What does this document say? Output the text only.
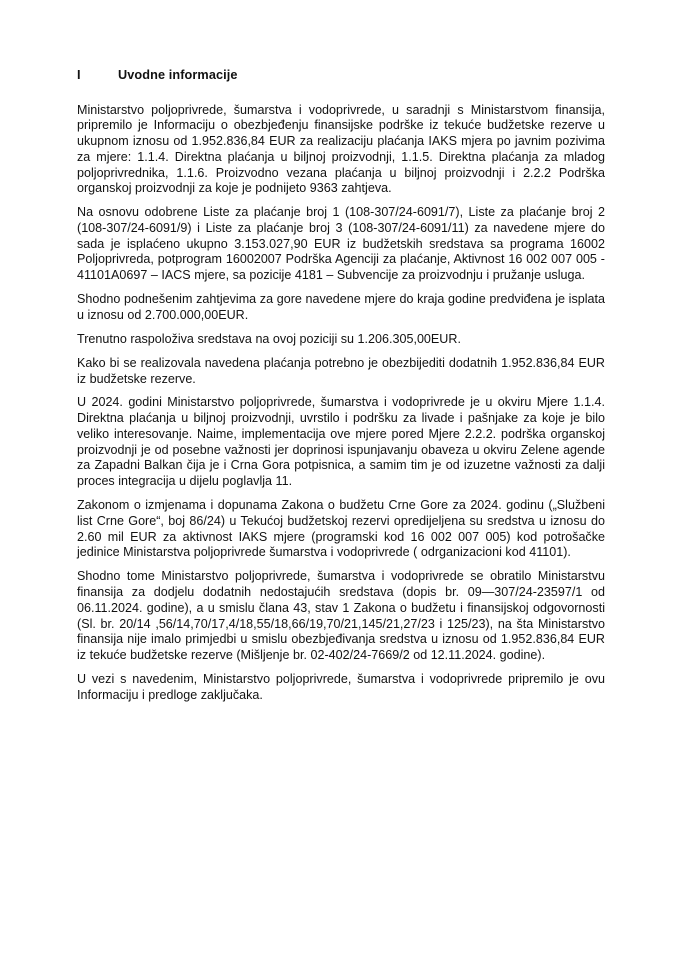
I	Uvodne informacije

Ministarstvo poljoprivrede, šumarstva i vodoprivrede, u saradnji s Ministarstvom finansija, pripremilo je Informaciju o obezbjeđenju finansijske podrške iz tekuće budžetske rezerve u ukupnom iznosu od 1.952.836,84 EUR za realizaciju plaćanja IAKS mjera po javnim pozivima za mjere: 1.1.4. Direktna plaćanja u biljnoj proizvodnji, 1.1.5. Direktna plaćanja za mladog poljoprivrednika, 1.1.6. Proizvodno vezana plaćanja u biljnoj proizvodnji i 2.2.2 Podrška organskoj proizvodnji za koje je podnijeto 9363 zahtjeva.

Na osnovu odobrene Liste za plaćanje broj 1 (108-307/24-6091/7), Liste za plaćanje broj 2 (108-307/24-6091/9) i Liste za plaćanje broj 3 (108-307/24-6091/11) za navedene mjere do sada je isplaćeno ukupno 3.153.027,90 EUR iz budžetskih sredstava sa programa 16002 Poljoprivreda, potprogram 16002007 Podrška Agenciji za plaćanje, Aktivnost 16 002 007 005 - 41101A0697 – IACS mjere, sa pozicije 4181 – Subvencije za proizvodnju i pružanje usluga.

Shodno podnešenim zahtjevima za gore navedene mjere do kraja godine predviđena je isplata u iznosu od 2.700.000,00EUR.

Trenutno raspoloživa sredstava na ovoj poziciji su 1.206.305,00EUR.

Kako bi se realizovala navedena plaćanja potrebno je obezbijediti dodatnih 1.952.836,84 EUR iz budžetske rezerve.

U 2024. godini Ministarstvo poljoprivrede, šumarstva i vodoprivrede je u okviru Mjere 1.1.4. Direktna plaćanja u biljnoj proizvodnji, uvrstilo i podršku za livade i pašnjake za koje je bilo veliko interesovanje. Naime, implementacija ove mjere pored Mjere 2.2.2. podrška organskoj proizvodnji je od posebne važnosti jer doprinosi ispunjavanju obaveza u okviru Zelene agende za Zapadni Balkan čija je i Crna Gora potpisnica, a samim tim je od izuzetne važnosti za dalji proces integracija u dijelu poglavlja 11.

Zakonom o izmjenama i dopunama Zakona o budžetu Crne Gore za 2024. godinu („Službeni list Crne Gore“, boj 86/24) u Tekućoj budžetskoj rezervi opredijeljena su sredstva u iznosu do 2.60 mil EUR za aktivnost IAKS mjere (programski kod 16 002 007 005) kod potrošačke jedinice Ministarstva poljoprivrede šumarstva i vodoprivrede ( odrganizacioni kod 41101).

Shodno tome Ministarstvo poljoprivrede, šumarstva i vodoprivrede se obratilo Ministarstvu finansija za dodjelu dodatnih nedostajućih sredstava (dopis br. 09—307/24-23597/1 od 06.11.2024. godine), a u smislu člana 43, stav 1 Zakona o budžetu i finansijskoj odgovornosti (Sl. br. 20/14 ,56/14,70/17,4/18,55/18,66/19,70/21,145/21,27/23 i 125/23), na šta Ministarstvo finansija nije imalo primjedbi u smislu obezbjeđivanja sredstva u iznosu od 1.952.836,84 EUR iz tekuće budžetske rezerve (Mišljenje br. 02-402/24-7669/2 od 12.11.2024. godine).

U vezi s navedenim, Ministarstvo poljoprivrede, šumarstva i vodoprivrede pripremilo je ovu Informaciju i predloge zaključaka.
